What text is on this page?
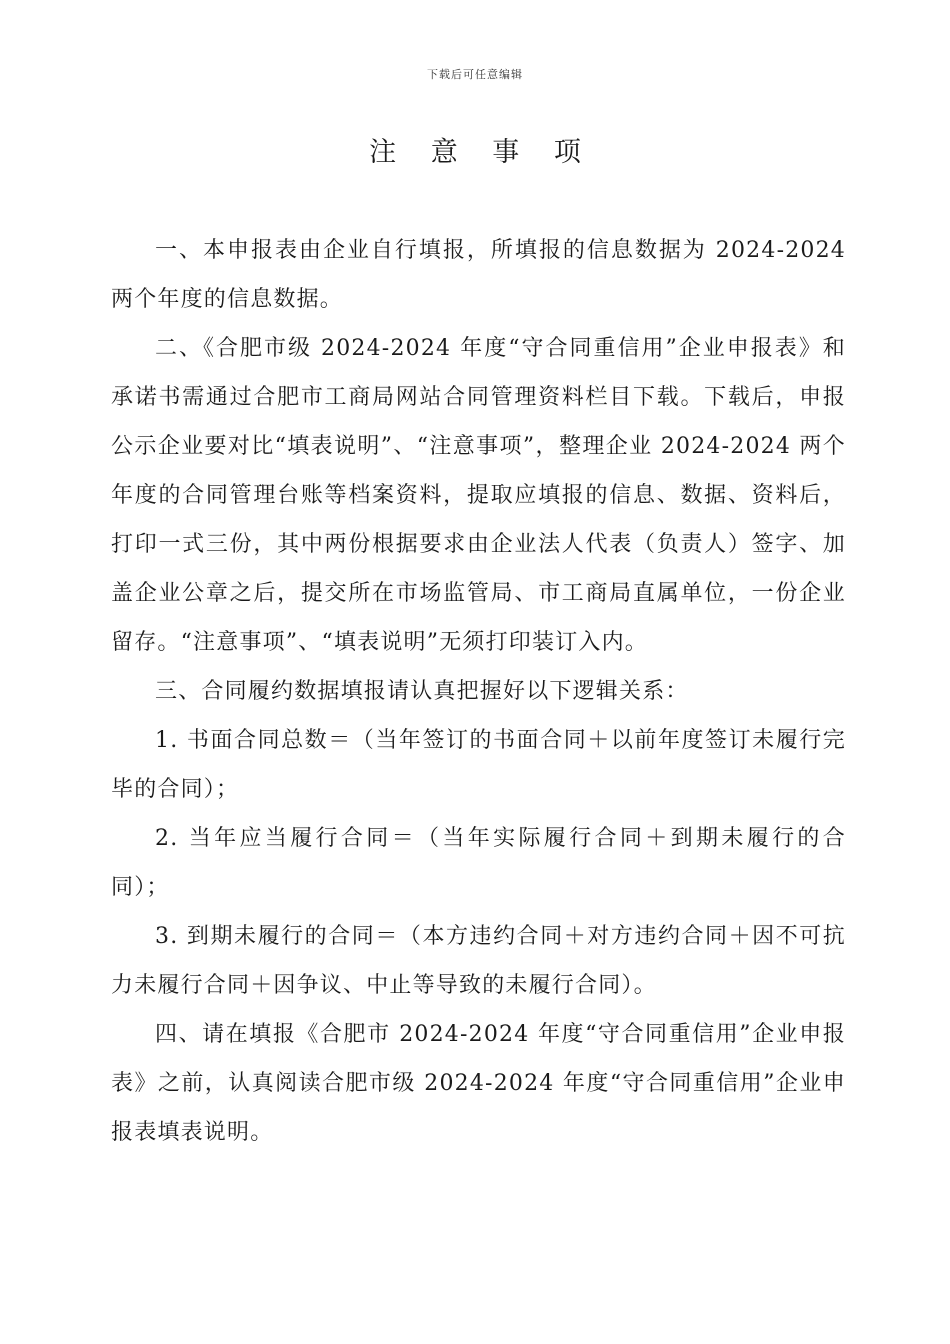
下载后可任意编辑
注 意 事 项

一、本申报表由企业自行填报，所填报的信息数据为 2024-2024 两个年度的信息数据。

二、《合肥市级 2024-2024 年度“守合同重信用”企业申报表》和承诺书需通过合肥市工商局网站合同管理资料栏目下载。下载后，申报公示企业要对比“填表说明”、“注意事项”，整理企业 2024-2024 两个年度的合同管理台账等档案资料，提取应填报的信息、数据、资料后，打印一式三份，其中两份根据要求由企业法人代表（负责人）签字、加盖企业公章之后，提交所在市场监管局、市工商局直属单位，一份企业留存。“注意事项”、“填表说明”无须打印装订入内。

三、合同履约数据填报请认真把握好以下逻辑关系：

1. 书面合同总数＝（当年签订的书面合同＋以前年度签订未履行完毕的合同）；

2. 当年应当履行合同＝（当年实际履行合同＋到期未履行的合同）；

3. 到期未履行的合同＝（本方违约合同＋对方违约合同＋因不可抗力未履行合同＋因争议、中止等导致的未履行合同）。

四、请在填报《合肥市 2024-2024 年度“守合同重信用”企业申报表》之前，认真阅读合肥市级 2024-2024 年度“守合同重信用”企业申报表填表说明。
